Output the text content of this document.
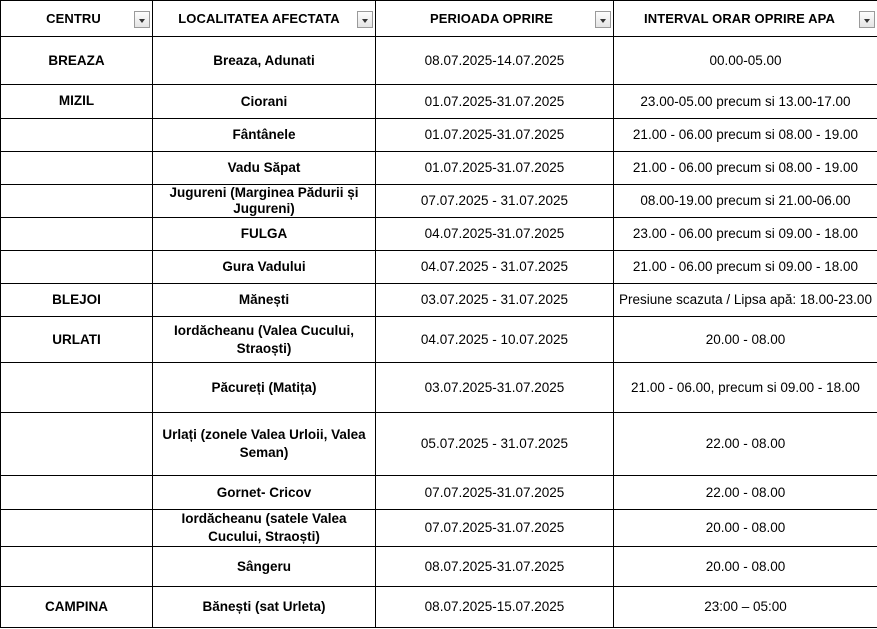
CENTRU	LOCALITATEA AFECTATA	PERIOADA OPRIRE	INTERVAL ORAR OPRIRE APA

BREAZA	Breaza, Adunati	08.07.2025-14.07.2025	00.00-05.00
MIZIL	Ciorani	01.07.2025-31.07.2025	23.00-05.00 precum si 13.00-17.00
	Fântânele	01.07.2025-31.07.2025	21.00 - 06.00 precum si 08.00 - 19.00
	Vadu Săpat	01.07.2025-31.07.2025	21.00 - 06.00 precum si 08.00 - 19.00
	Jugureni (Marginea Pădurii și Jugureni)	07.07.2025 - 31.07.2025	08.00-19.00 precum si 21.00-06.00
	FULGA	04.07.2025-31.07.2025	23.00 - 06.00 precum si 09.00 - 18.00
	Gura Vadului	04.07.2025 - 31.07.2025	21.00 - 06.00 precum si 09.00 - 18.00
BLEJOI	Mănești	03.07.2025 - 31.07.2025	Presiune scazuta / Lipsa apă: 18.00-23.00
URLATI	Iordăcheanu (Valea Cucului, Straoști)	04.07.2025 - 10.07.2025	20.00 - 08.00
	Păcureți (Matița)	03.07.2025-31.07.2025	21.00 - 06.00, precum si 09.00 - 18.00
	Urlați (zonele Valea Urloii, Valea Seman)	05.07.2025 - 31.07.2025	22.00 - 08.00
	Gornet- Cricov	07.07.2025-31.07.2025	22.00 - 08.00
	Iordăcheanu (satele Valea Cucului, Straoști)	07.07.2025-31.07.2025	20.00 - 08.00
	Sângeru	08.07.2025-31.07.2025	20.00 - 08.00
CAMPINA	Bănești (sat Urleta)	08.07.2025-15.07.2025	23:00 – 05:00
